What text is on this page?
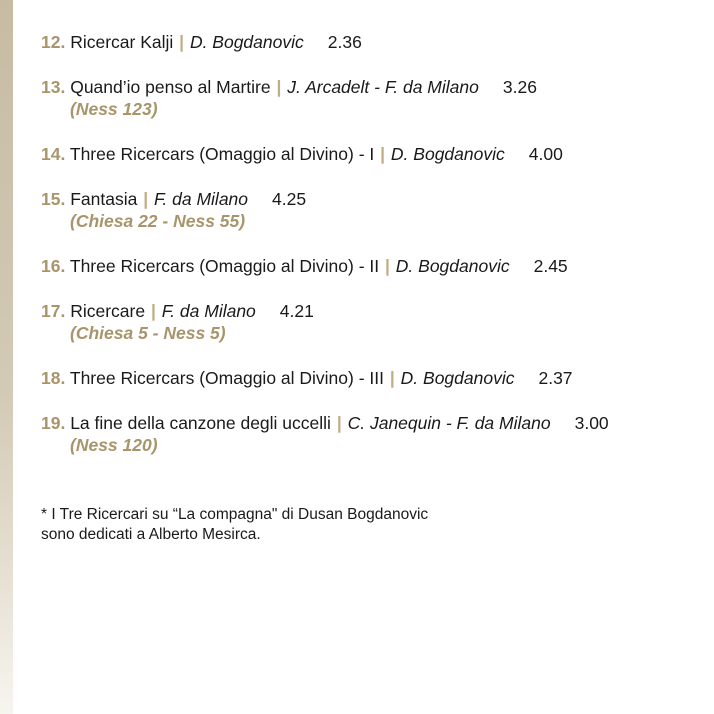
12. Ricercar Kalji | D. Bogdanovic 2.36
13. Quand’io penso al Martire | J. Arcadelt - F. da Milano 3.26
(Ness 123)
14. Three Ricercars (Omaggio al Divino) - I | D. Bogdanovic 4.00
15. Fantasia | F. da Milano 4.25
(Chiesa 22 - Ness 55)
16. Three Ricercars (Omaggio al Divino) - II | D. Bogdanovic 2.45
17. Ricercare | F. da Milano 4.21
(Chiesa 5 - Ness 5)
18. Three Ricercars (Omaggio al Divino) - III | D. Bogdanovic 2.37
19. La fine della canzone degli uccelli | C. Janequin - F. da Milano 3.00
(Ness 120)
* I Tre Ricercari su “La compagna" di Dusan Bogdanovic
sono dedicati a Alberto Mesirca.
